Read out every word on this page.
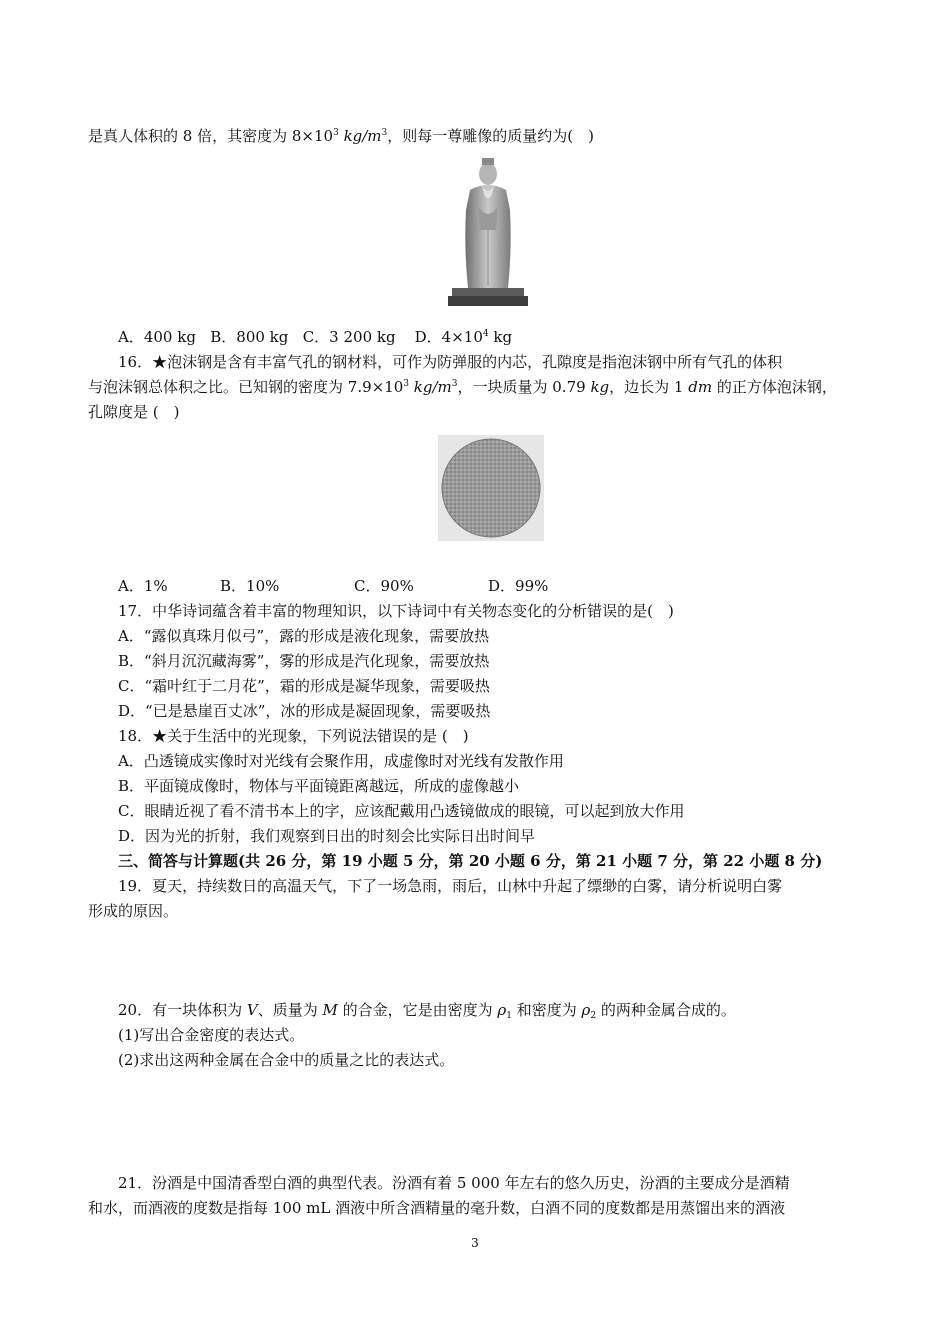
是真人体积的 8 倍，其密度为 $8\times 10^3$ $kg/m^3$，则每一尊雕像的质量约为(　)
A．400 kg B．800 kg C．3 200 kg D．$4\times 10^4$ kg
16．★泡沫钢是含有丰富气孔的钢材料，可作为防弹服的内芯，孔隙度是指泡沫钢中所有气孔的体积
与泡沫钢总体积之比。已知钢的密度为 $7.9\times 10^3$ $kg/m^3$，一块质量为 0.79 kg，边长为 1 dm 的正方体泡沫钢，
孔隙度是 (　)
A．1%	B．10%	C．90%	D．99%
17．中华诗词蕴含着丰富的物理知识，以下诗词中有关物态变化的分析错误的是(　)
A．“露似真珠月似弓”，露的形成是液化现象，需要放热
B．“斜月沉沉藏海雾”，雾的形成是汽化现象，需要放热
C．“霜叶红于二月花”，霜的形成是凝华现象，需要吸热
D．“已是悬崖百丈冰”，冰的形成是凝固现象，需要吸热
18．★关于生活中的光现象，下列说法错误的是 (　)
A．凸透镜成实像时对光线有会聚作用，成虚像时对光线有发散作用
B．平面镜成像时，物体与平面镜距离越远，所成的虚像越小
C．眼睛近视了看不清书本上的字，应该配戴用凸透镜做成的眼镜，可以起到放大作用
D．因为光的折射，我们观察到日出的时刻会比实际日出时间早
三、简答与计算题(共 26 分，第 19 小题 5 分，第 20 小题 6 分，第 21 小题 7 分，第 22 小题 8 分)
19．夏天，持续数日的高温天气，下了一场急雨，雨后，山林中升起了缥缈的白雾，请分析说明白雾
形成的原因。
20．有一块体积为 V、质量为 M 的合金，它是由密度为 $\rho_1$ 和密度为 $\rho_2$ 的两种金属合成的。
(1)写出合金密度的表达式。
(2)求出这两种金属在合金中的质量之比的表达式。
21．汾酒是中国清香型白酒的典型代表。汾酒有着 5 000 年左右的悠久历史，汾酒的主要成分是酒精
和水，而酒液的度数是指每 100 mL 酒液中所含酒精量的毫升数，白酒不同的度数都是用蒸馏出来的酒液
3
